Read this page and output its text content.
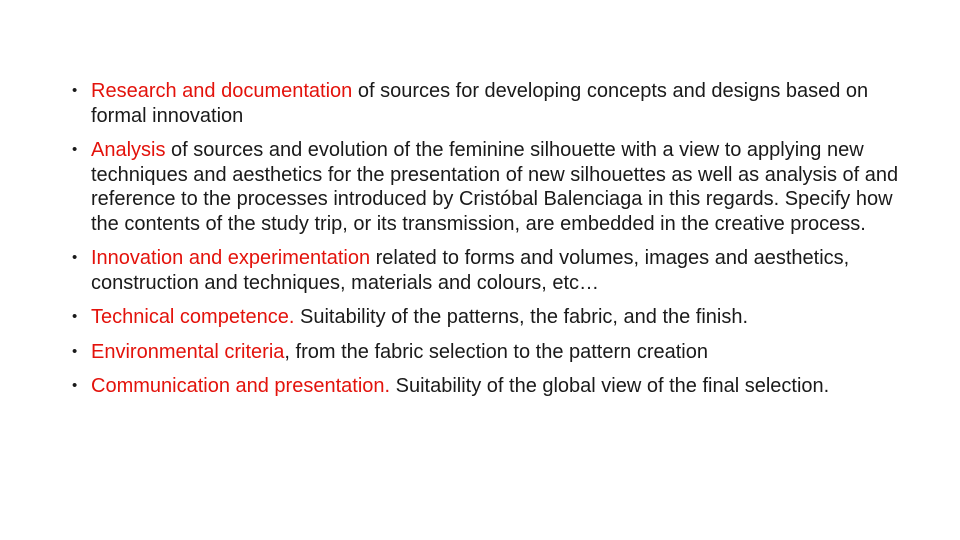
• Research and documentation of sources for developing concepts and designs based on formal innovation
• Analysis of sources and evolution of the feminine silhouette with a view to applying new techniques and aesthetics for the presentation of new silhouettes as well as analysis of and reference to the processes introduced by Cristóbal Balenciaga in this regards. Specify how the contents of the study trip, or its transmission, are embedded in the creative process.
• Innovation and experimentation related to forms and volumes, images and aesthetics, construction and techniques, materials and colours, etc…
• Technical competence. Suitability of the patterns, the fabric, and the finish.
• Environmental criteria, from the fabric selection to the pattern creation
• Communication and presentation. Suitability of the global view of the final selection.
